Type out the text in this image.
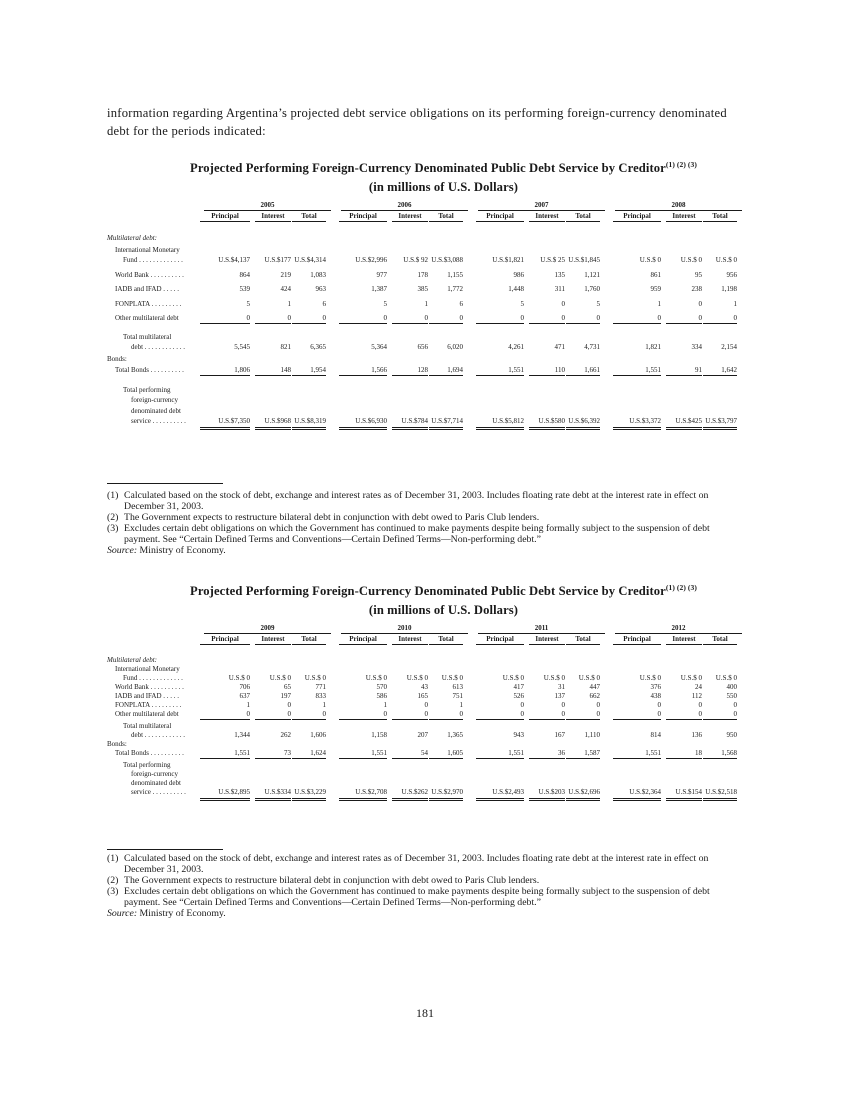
information regarding Argentina’s projected debt service obligations on its performing foreign-currency denominated debt for the periods indicated:
Projected Performing Foreign-Currency Denominated Public Debt Service by Creditor$^{(1) (2) (3)}$
(in millions of U.S. Dollars)
2005	2006	2007	2008
Principal	Interest	Total	Principal	Interest	Total	Principal	Interest	Total	Principal	Interest	Total
Multilateral debt:
International Monetary
Fund . . . . . . . . . . . . .	U.S.$4,137	U.S.$177 U.S.$4,314	U.S.$2,996	U.S.$ 92 U.S.$3,088	U.S.$1,821	U.S.$ 25 U.S.$1,845	U.S.$ 0	U.S.$ 0	U.S.$ 0
World Bank . . . . . . . . . .	864	219	1,083	977	178	1,155	986	135	1,121	861	95	956
IADB and IFAD . . . . .	539	424	963	1,387	385	1,772	1,448	311	1,760	959	238	1,198
FONPLATA . . . . . . . . .	5	1	6	5	1	6	5	0	5	1	0	1
Other multilateral debt	0	0	0	0	0	0	0	0	0	0	0	0
Total multilateral
debt . . . . . . . . . . . .	5,545	821	6,365	5,364	656	6,020	4,261	471	4,731	1,821	334	2,154
Bonds:
Total Bonds . . . . . . . . . .	1,806	148	1,954	1,566	128	1,694	1,551	110	1,661	1,551	91	1,642
Total performing
foreign-currency
denominated debt
service . . . . . . . . . .	U.S.$7,350	U.S.$968 U.S.$8,319	U.S.$6,930	U.S.$784 U.S.$7,714	U.S.$5,812	U.S.$580 U.S.$6,392	U.S.$3,372	U.S.$425 U.S.$3,797
(1) Calculated based on the stock of debt, exchange and interest rates as of December 31, 2003. Includes floating rate debt at the interest rate in effect on December 31, 2003.
(2) The Government expects to restructure bilateral debt in conjunction with debt owed to Paris Club lenders.
(3) Excludes certain debt obligations on which the Government has continued to make payments despite being formally subject to the suspension of debt payment. See “Certain Defined Terms and Conventions—Certain Defined Terms—Non-performing debt.”
Source: Ministry of Economy.
Projected Performing Foreign-Currency Denominated Public Debt Service by Creditor$^{(1) (2) (3)}$
(in millions of U.S. Dollars)
2009	2010	2011	2012
Principal	Interest	Total	Principal	Interest	Total	Principal	Interest	Total	Principal	Interest	Total
Multilateral debt:
International Monetary
Fund . . . . . . . . . . . . .	U.S.$ 0	U.S.$ 0	U.S.$ 0	U.S.$ 0	U.S.$ 0	U.S.$ 0	U.S.$ 0	U.S.$ 0	U.S.$ 0	U.S.$ 0	U.S.$ 0	U.S.$ 0
World Bank . . . . . . . . . .	706	65	771	570	43	613	417	31	447	376	24	400
IADB and IFAD . . . . .	637	197	833	586	165	751	526	137	662	438	112	550
FONPLATA . . . . . . . . .	1	0	1	1	0	1	0	0	0	0	0	0
Other multilateral debt	0	0	0	0	0	0	0	0	0	0	0	0
Total multilateral
debt . . . . . . . . . . . .	1,344	262	1,606	1,158	207	1,365	943	167	1,110	814	136	950
Bonds:
Total Bonds . . . . . . . . . .	1,551	73	1,624	1,551	54	1,605	1,551	36	1,587	1,551	18	1,568
Total performing
foreign-currency
denominated debt
service . . . . . . . . . .	U.S.$2,895	U.S.$334 U.S.$3,229	U.S.$2,708	U.S.$262 U.S.$2,970	U.S.$2,493	U.S.$203 U.S.$2,696	U.S.$2,364	U.S.$154 U.S.$2,518
(1) Calculated based on the stock of debt, exchange and interest rates as of December 31, 2003. Includes floating rate debt at the interest rate in effect on December 31, 2003.
(2) The Government expects to restructure bilateral debt in conjunction with debt owed to Paris Club lenders.
(3) Excludes certain debt obligations on which the Government has continued to make payments despite being formally subject to the suspension of debt payment. See “Certain Defined Terms and Conventions—Certain Defined Terms—Non-performing debt.”
Source: Ministry of Economy.
181
